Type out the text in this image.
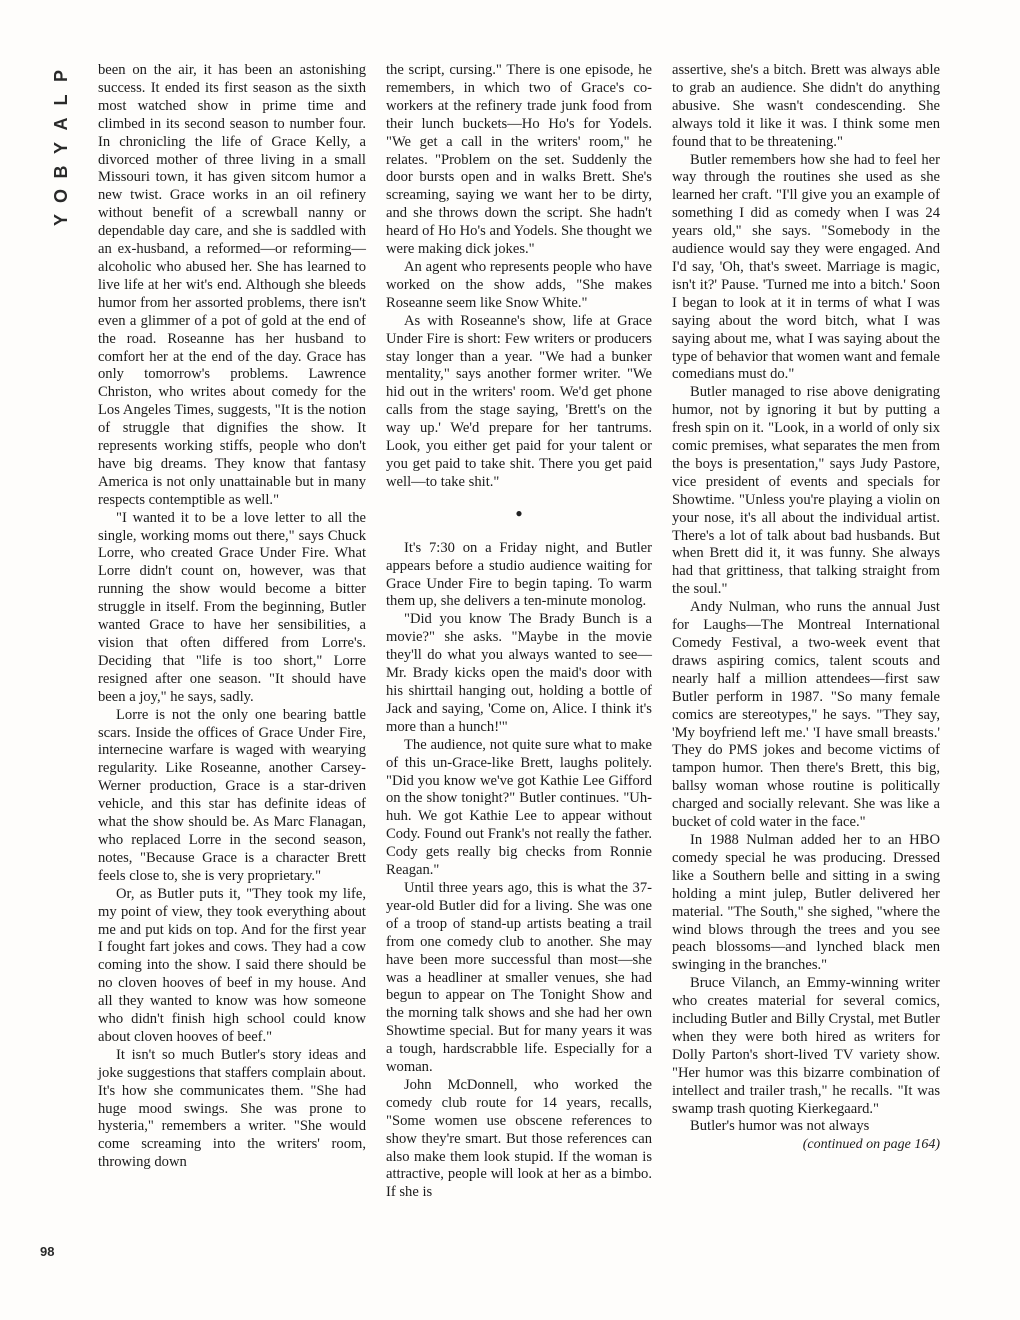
P
L
A
Y
B
O
Y
98

been on the air, it has been an astonishing success. It ended its first season as the sixth most watched show in prime time and climbed in its second season to number four. In chronicling the life of Grace Kelly, a divorced mother of three living in a small Missouri town, it has given sitcom humor a new twist. Grace works in an oil refinery without benefit of a screwball nanny or dependable day care, and she is saddled with an ex-husband, a reformed—or reforming—alcoholic who abused her. She has learned to live life at her wit's end. Although she bleeds humor from her assorted problems, there isn't even a glimmer of a pot of gold at the end of the road. Roseanne has her husband to comfort her at the end of the day. Grace has only tomorrow's problems. Lawrence Christon, who writes about comedy for the Los Angeles Times, suggests, "It is the notion of struggle that dignifies the show. It represents working stiffs, people who don't have big dreams. They know that fantasy America is not only unattainable but in many respects contemptible as well."

"I wanted it to be a love letter to all the single, working moms out there," says Chuck Lorre, who created Grace Under Fire. What Lorre didn't count on, however, was that running the show would become a bitter struggle in itself. From the beginning, Butler wanted Grace to have her sensibilities, a vision that often differed from Lorre's. Deciding that "life is too short," Lorre resigned after one season. "It should have been a joy," he says, sadly.

Lorre is not the only one bearing battle scars. Inside the offices of Grace Under Fire, internecine warfare is waged with wearying regularity. Like Roseanne, another Carsey-Werner production, Grace is a star-driven vehicle, and this star has definite ideas of what the show should be. As Marc Flanagan, who replaced Lorre in the second season, notes, "Because Grace is a character Brett feels close to, she is very proprietary."

Or, as Butler puts it, "They took my life, my point of view, they took everything about me and put kids on top. And for the first year I fought fart jokes and cows. They had a cow coming into the show. I said there should be no cloven hooves of beef in my house. And all they wanted to know was how someone who didn't finish high school could know about cloven hooves of beef."

It isn't so much Butler's story ideas and joke suggestions that staffers complain about. It's how she communicates them. "She had huge mood swings. She was prone to hysteria," remembers a writer. "She would come screaming into the writers' room, throwing down

the script, cursing." There is one episode, he remembers, in which two of Grace's co-workers at the refinery trade junk food from their lunch buckets—Ho Ho's for Yodels. "We get a call in the writers' room," he relates. "Problem on the set. Suddenly the door bursts open and in walks Brett. She's screaming, saying we want her to be dirty, and she throws down the script. She hadn't heard of Ho Ho's and Yodels. She thought we were making dick jokes."

An agent who represents people who have worked on the show adds, "She makes Roseanne seem like Snow White."

As with Roseanne's show, life at Grace Under Fire is short: Few writers or producers stay longer than a year. "We had a bunker mentality," says another former writer. "We hid out in the writers' room. We'd get phone calls from the stage saying, 'Brett's on the way up.' We'd prepare for her tantrums. Look, you either get paid for your talent or you get paid to take shit. There you get paid well—to take shit."

●

It's 7:30 on a Friday night, and Butler appears before a studio audience waiting for Grace Under Fire to begin taping. To warm them up, she delivers a ten-minute monolog.

"Did you know The Brady Bunch is a movie?" she asks. "Maybe in the movie they'll do what you always wanted to see—Mr. Brady kicks open the maid's door with his shirttail hanging out, holding a bottle of Jack and saying, 'Come on, Alice. I think it's more than a hunch!'"

The audience, not quite sure what to make of this un-Grace-like Brett, laughs politely. "Did you know we've got Kathie Lee Gifford on the show tonight?" Butler continues. "Uh-huh. We got Kathie Lee to appear without Cody. Found out Frank's not really the father. Cody gets really big checks from Ronnie Reagan."

Until three years ago, this is what the 37-year-old Butler did for a living. She was one of a troop of stand-up artists beating a trail from one comedy club to another. She may have been more successful than most—she was a headliner at smaller venues, she had begun to appear on The Tonight Show and the morning talk shows and she had her own Showtime special. But for many years it was a tough, hardscrabble life. Especially for a woman.

John McDonnell, who worked the comedy club route for 14 years, recalls, "Some women use obscene references to show they're smart. But those references can also make them look stupid. If the woman is attractive, people will look at her as a bimbo. If she is

assertive, she's a bitch. Brett was always able to grab an audience. She didn't do anything abusive. She wasn't condescending. She always told it like it was. I think some men found that to be threatening."

Butler remembers how she had to feel her way through the routines she used as she learned her craft. "I'll give you an example of something I did as comedy when I was 24 years old," she says. "Somebody in the audience would say they were engaged. And I'd say, 'Oh, that's sweet. Marriage is magic, isn't it?' Pause. 'Turned me into a bitch.' Soon I began to look at it in terms of what I was saying about the word bitch, what I was saying about me, what I was saying about the type of behavior that women want and female comedians must do."

Butler managed to rise above denigrating humor, not by ignoring it but by putting a fresh spin on it. "Look, in a world of only six comic premises, what separates the men from the boys is presentation," says Judy Pastore, vice president of events and specials for Showtime. "Unless you're playing a violin on your nose, it's all about the individual artist. There's a lot of talk about bad husbands. But when Brett did it, it was funny. She always had that grittiness, that talking straight from the soul."

Andy Nulman, who runs the annual Just for Laughs—The Montreal International Comedy Festival, a two-week event that draws aspiring comics, talent scouts and nearly half a million attendees—first saw Butler perform in 1987. "So many female comics are stereotypes," he says. "They say, 'My boyfriend left me.' 'I have small breasts.' They do PMS jokes and become victims of tampon humor. Then there's Brett, this big, ballsy woman whose routine is politically charged and socially relevant. She was like a bucket of cold water in the face."

In 1988 Nulman added her to an HBO comedy special he was producing. Dressed like a Southern belle and sitting in a swing holding a mint julep, Butler delivered her material. "The South," she sighed, "where the wind blows through the trees and you see peach blossoms—and lynched black men swinging in the branches."

Bruce Vilanch, an Emmy-winning writer who creates material for several comics, including Butler and Billy Crystal, met Butler when they were both hired as writers for Dolly Parton's short-lived TV variety show. "Her humor was this bizarre combination of intellect and trailer trash," he recalls. "It was swamp trash quoting Kierkegaard."

Butler's humor was not always

(continued on page 164)
